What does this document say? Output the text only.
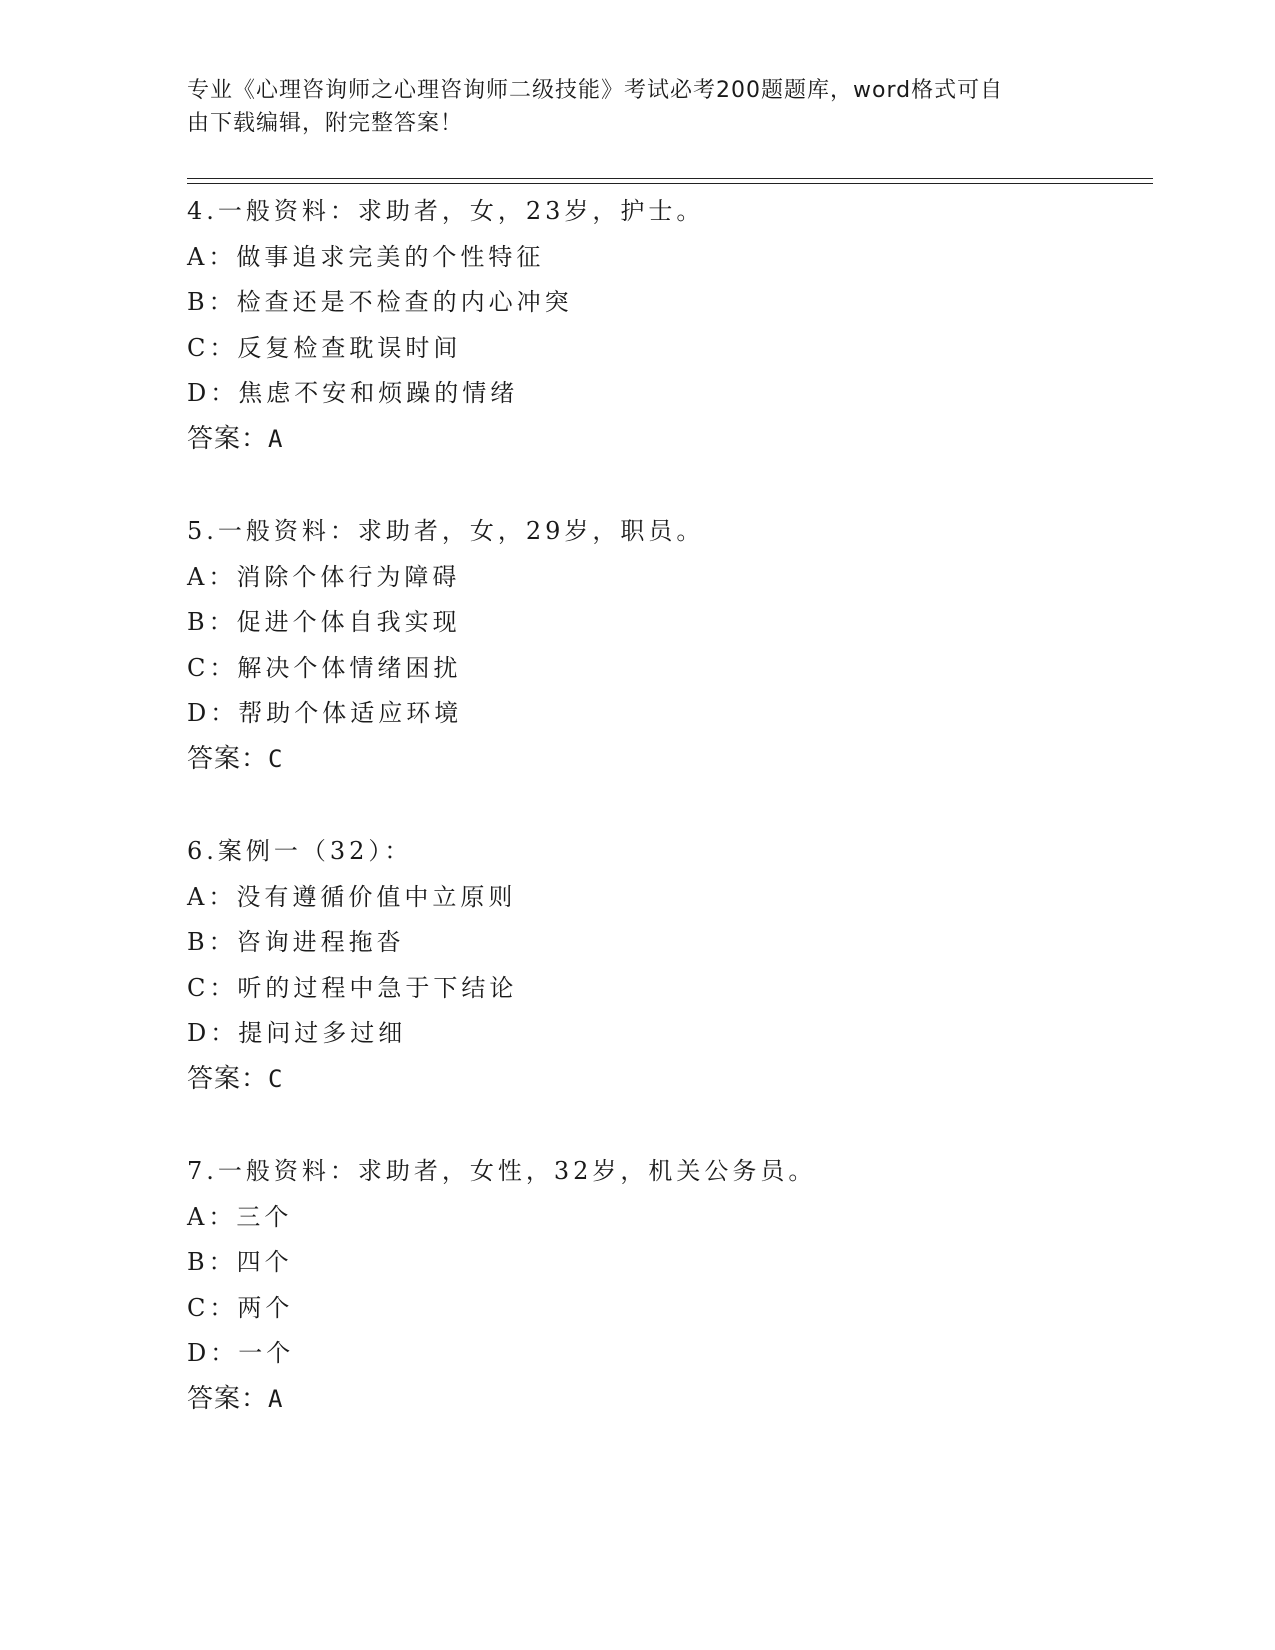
专业《心理咨询师之心理咨询师二级技能》考试必考200题题库，word格式可自
由下载编辑，附完整答案！
4.一般资料：求助者，女，23岁，护士。
A：做事追求完美的个性特征
B：检查还是不检查的内心冲突
C：反复检查耽误时间
D：焦虑不安和烦躁的情绪
答案：A
5.一般资料：求助者，女，29岁，职员。
A：消除个体行为障碍
B：促进个体自我实现
C：解决个体情绪困扰
D：帮助个体适应环境
答案：C
6.案例一（32）：
A：没有遵循价值中立原则
B：咨询进程拖沓
C：听的过程中急于下结论
D：提问过多过细
答案：C
7.一般资料：求助者，女性，32岁，机关公务员。
A：三个
B：四个
C：两个
D：一个
答案：A
